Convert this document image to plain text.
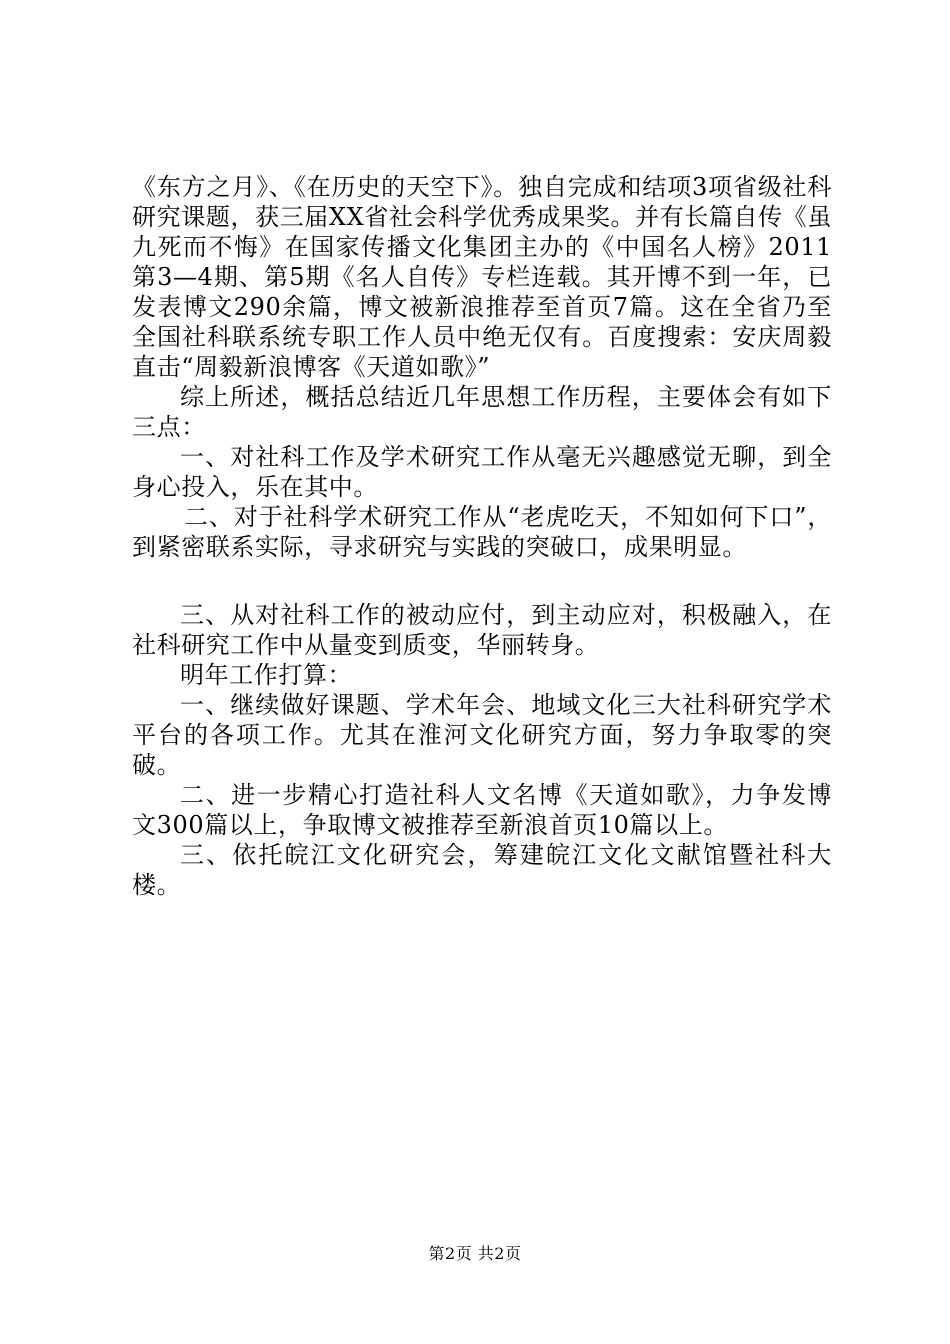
《东方之月》、《在历史的天空下》。独自完成和结项3项省级社科研究课题，获三届XX省社会科学优秀成果奖。并有长篇自传《虽九死而不悔》在国家传播文化集团主办的《中国名人榜》2011第3—4期、第5期《名人自传》专栏连载。其开博不到一年，已发表博文290余篇，博文被新浪推荐至首页7篇。这在全省乃至全国社科联系统专职工作人员中绝无仅有。百度搜索：安庆周毅直击“周毅新浪博客《天道如歌》”

综上所述，概括总结近几年思想工作历程，主要体会有如下三点：

一、对社科工作及学术研究工作从毫无兴趣感觉无聊，到全身心投入，乐在其中。

二、对于社科学术研究工作从“老虎吃天，不知如何下口”，到紧密联系实际，寻求研究与实践的突破口，成果明显。

三、从对社科工作的被动应付，到主动应对，积极融入，在社科研究工作中从量变到质变，华丽转身。

明年工作打算：

一、继续做好课题、学术年会、地域文化三大社科研究学术平台的各项工作。尤其在淮河文化研究方面，努力争取零的突破。

二、进一步精心打造社科人文名博《天道如歌》，力争发博文300篇以上，争取博文被推荐至新浪首页10篇以上。

三、依托皖江文化研究会，筹建皖江文化文献馆暨社科大楼。

第2页 共2页
